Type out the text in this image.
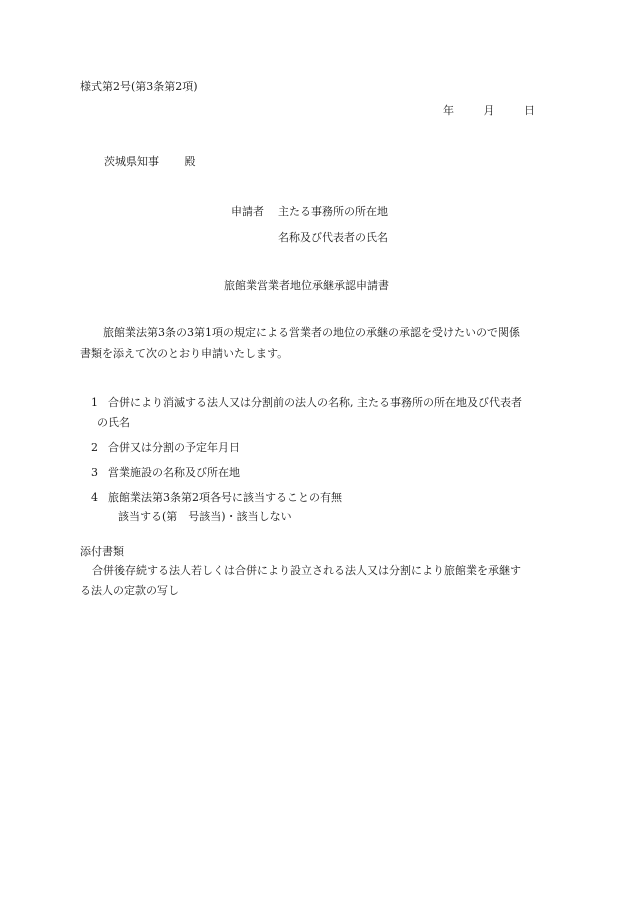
様式第2号(第3条第2項)
年	月	日
茨城県知事 殿
申請者 主たる事務所の所在地
名称及び代表者の氏名
旅館業営業者地位承継承認申請書
旅館業法第3条の3第1項の規定による営業者の地位の承継の承認を受けたいので関係
書類を添えて次のとおり申請いたします。
1 合併により消滅する法人又は分割前の法人の名称, 主たる事務所の所在地及び代表者
の氏名
2 合併又は分割の予定年月日
3 営業施設の名称及び所在地
4 旅館業法第3条第2項各号に該当することの有無
該当する(第　号該当)・該当しない
添付書類
合併後存続する法人若しくは合併により設立される法人又は分割により旅館業を承継す
る法人の定款の写し
